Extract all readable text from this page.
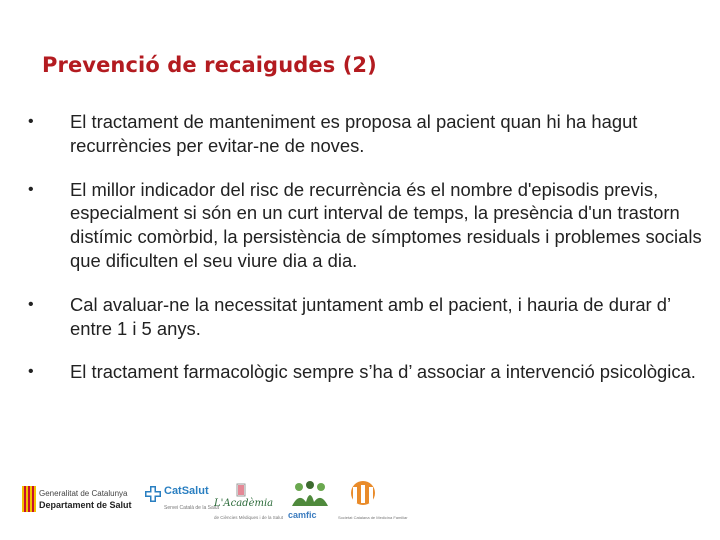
Prevenció de recaigudes (2)
• El tractament de manteniment es proposa al pacient quan hi ha hagut recurrències per evitar-ne de noves.
• El millor indicador del risc de recurrència és el nombre d'episodis previs, especialment si són en un curt interval de temps, la presència d'un trastorn distímic comòrbid, la persistència de símptomes residuals i problemes socials que dificulten el seu viure dia a dia.
• Cal avaluar-ne la necessitat juntament amb el pacient, i hauria de durar d’ entre 1 i 5 anys.
• El tractament farmacològic sempre s’ha d’ associar a intervenció psicològica.
Generalitat de Catalunya
Departament de Salut
CatSalut
Servei Català de la Salut
L'Acadèmia
de Ciències Mèdiques i de la Salut camfic	Societat Catalana de Medicina Familiar
